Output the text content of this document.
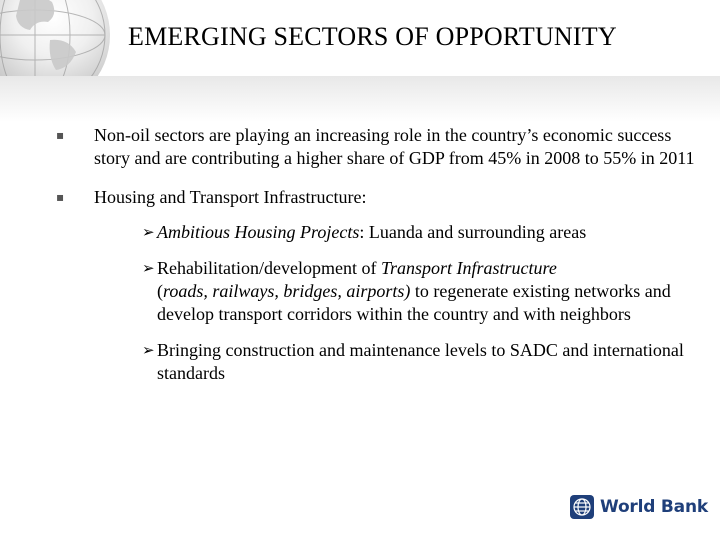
EMERGING SECTORS OF OPPORTUNITY
▪ Non-oil sectors are playing an increasing role in the country’s economic success story and are contributing a higher share of GDP from 45% in 2008 to 55% in 2011
▪ Housing and Transport Infrastructure:
➢ Ambitious Housing Projects: Luanda and surrounding areas
➢ Rehabilitation/development of Transport Infrastructure
(roads, railways, bridges, airports) to regenerate existing networks and develop transport corridors within the country and with neighbors
➢ Bringing construction and maintenance levels to SADC and international standards
World Bank
